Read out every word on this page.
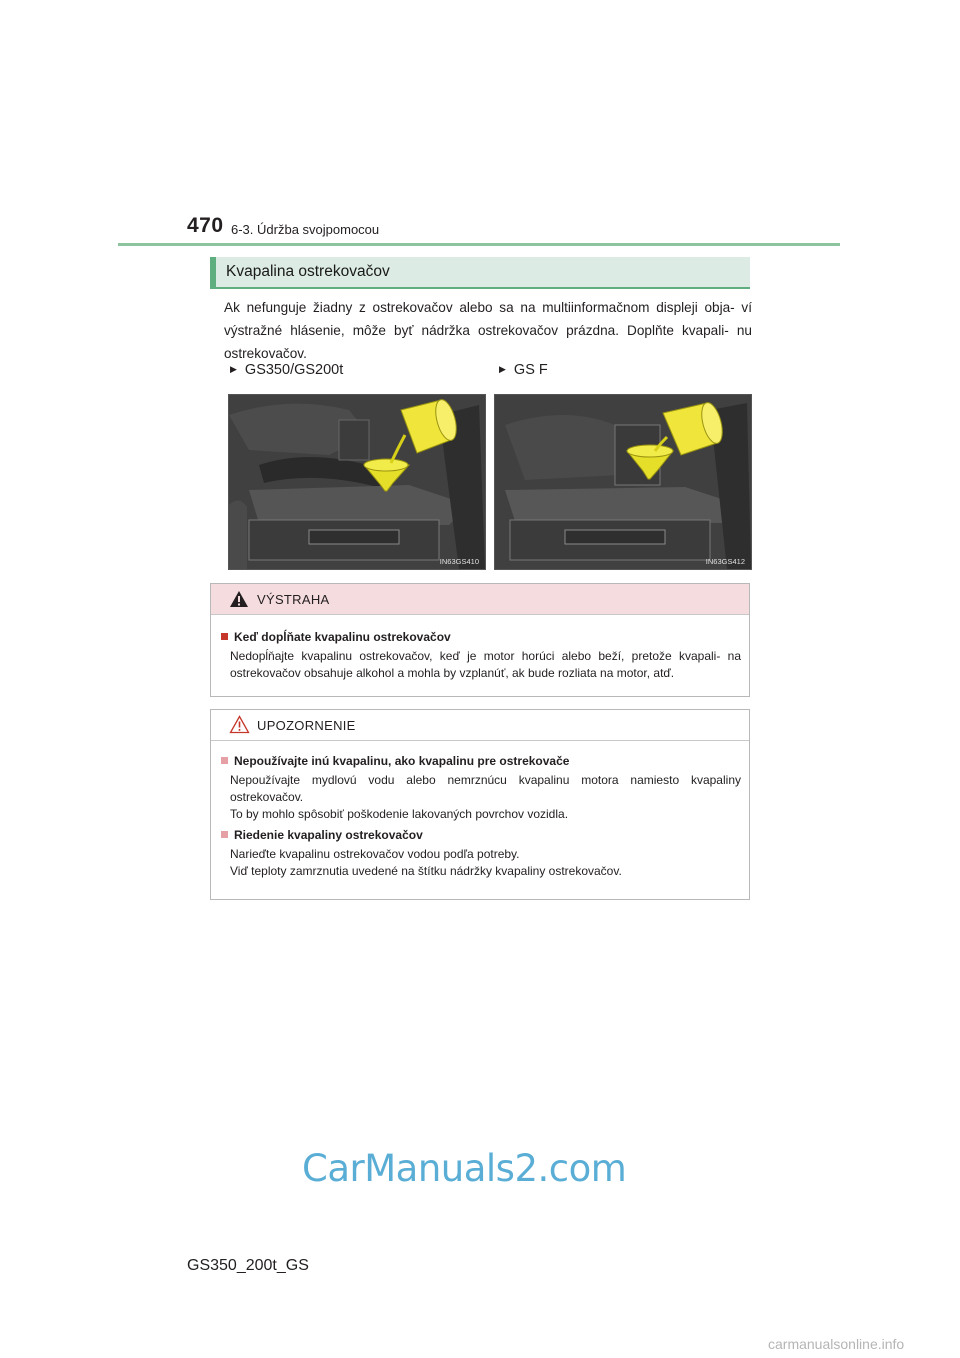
470 6-3. Údržba svojpomocou
Kvapalina ostrekovačov
Ak nefunguje žiadny z ostrekovačov alebo sa na multiinformačnom displeji obja- ví výstražné hlásenie, môže byť nádržka ostrekovačov prázdna. Doplňte kvapali- nu ostrekovačov.
▶ GS350/GS200t	▶ GS F
IN63GS410	IN63GS412
VÝSTRAHA
Keď dopĺňate kvapalinu ostrekovačov
Nedopĺňajte kvapalinu ostrekovačov, keď je motor horúci alebo beží, pretože kvapali- na ostrekovačov obsahuje alkohol a mohla by vzplanúť, ak bude rozliata na motor, atď.
UPOZORNENIE
Nepoužívajte inú kvapalinu, ako kvapalinu pre ostrekovače
Nepoužívajte mydlovú vodu alebo nemrznúcu kvapalinu motora namiesto kvapaliny ostrekovačov.
To by mohlo spôsobiť poškodenie lakovaných povrchov vozidla.
Riedenie kvapaliny ostrekovačov
Narieďte kvapalinu ostrekovačov vodou podľa potreby.
Viď teploty zamrznutia uvedené na štítku nádržky kvapaliny ostrekovačov.
CarManuals2.com
GS350_200t_GS
carmanualsonline.info
